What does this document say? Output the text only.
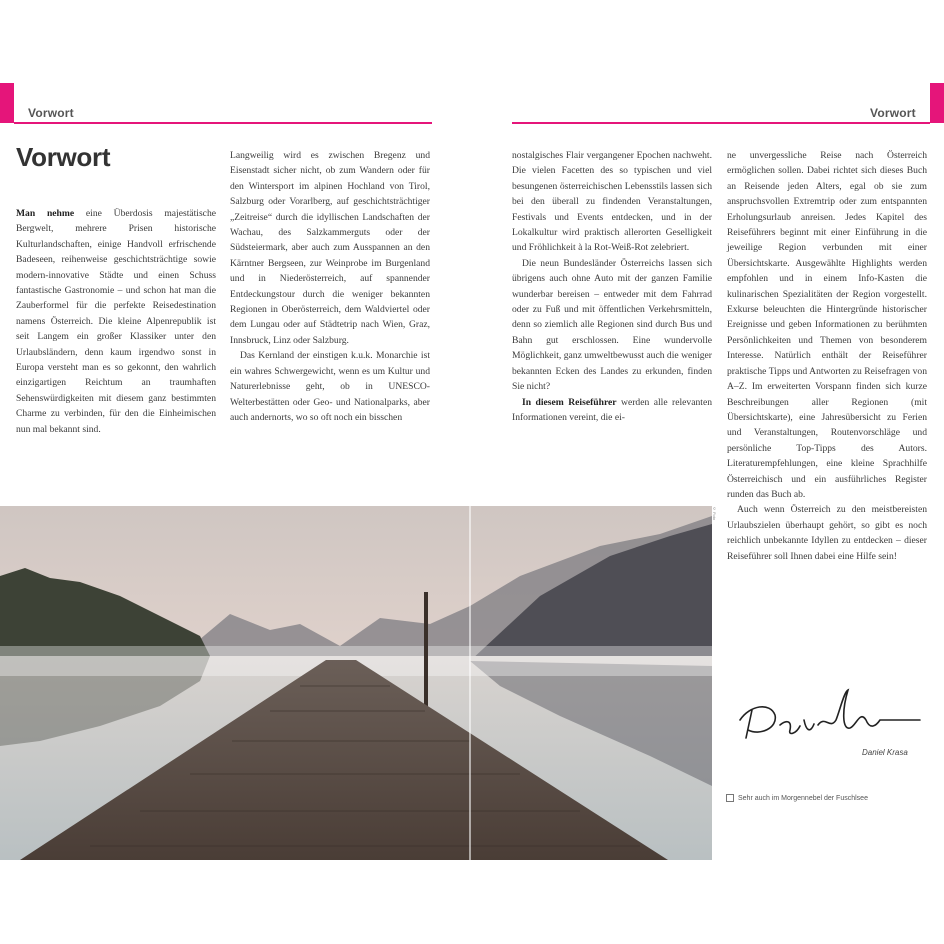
Vorwort	Vorwort
Vorwort

Man nehme eine Überdosis majestätische Bergwelt, mehrere Prisen historische Kulturlandschaften, einige Handvoll erfrischende Badeseen, reihenweise geschichtsträchtige sowie modern-innovative Städte und einen Schuss fantastische Gastronomie – und schon hat man die Zauberformel für die perfekte Reisedestination namens Österreich. Die kleine Alpenrepublik ist seit Langem ein großer Klassiker unter den Urlaubsländern, denn kaum irgendwo sonst in Europa versteht man es so gekonnt, den wahrlich einzigartigen Reichtum an traumhaften Sehenswürdigkeiten mit diesem ganz bestimmten Charme zu verbinden, für den die Einheimischen nun mal bekannt sind.

Langweilig wird es zwischen Bregenz und Eisenstadt sicher nicht, ob zum Wandern oder für den Wintersport im alpinen Hochland von Tirol, Salzburg oder Vorarlberg, auf geschichtsträchtiger „Zeitreise“ durch die idyllischen Landschaften der Wachau, des Salzkammerguts oder der Südsteiermark, aber auch zum Ausspannen an den Kärntner Bergseen, zur Weinprobe im Burgenland und in Niederösterreich, auf spannender Entdeckungstour durch die weniger bekannten Regionen in Oberösterreich, dem Waldviertel oder dem Lungau oder auf Städtetrip nach Wien, Graz, Innsbruck, Linz oder Salzburg.

Das Kernland der einstigen k.u.k. Monarchie ist ein wahres Schwergewicht, wenn es um Kultur und Naturerlebnisse geht, ob in UNESCO-Welterbestätten oder Geo- und Nationalparks, aber auch andernorts, wo so oft noch ein bisschen

nostalgisches Flair vergangener Epochen nachweht. Die vielen Facetten des so typischen und viel besungenen österreichischen Lebensstils lassen sich bei den überall zu findenden Veranstaltungen, Festivals und Events entdecken, und in der Lokalkultur wird praktisch allerorten Geselligkeit und Fröhlichkeit à la Rot-Weiß-Rot zelebriert.

Die neun Bundesländer Österreichs lassen sich übrigens auch ohne Auto mit der ganzen Familie wunderbar bereisen – entweder mit dem Fahrrad oder zu Fuß und mit öffentlichen Verkehrsmitteln, denn so ziemlich alle Regionen sind durch Bus und Bahn gut erschlossen. Eine wundervolle Möglichkeit, ganz umweltbewusst auch die weniger bekannten Ecken des Landes zu erkunden, finden Sie nicht?

In diesem Reiseführer werden alle relevanten Informationen vereint, die ei-

ne unvergessliche Reise nach Österreich ermöglichen sollen. Dabei richtet sich dieses Buch an Reisende jeden Alters, egal ob sie zum anspruchsvollen Extremtrip oder zum entspannten Erholungsurlaub anreisen. Jedes Kapitel des Reiseführers beginnt mit einer Einführung in die jeweilige Region verbunden mit einer Übersichtskarte. Ausgewählte Highlights werden empfohlen und in einem Info-Kasten die kulinarischen Spezialitäten der Region vorgestellt. Exkurse beleuchten die Hintergründe historischer Ereignisse und geben Informationen zu berühmten Persönlichkeiten und Themen von besonderem Interesse. Natürlich enthält der Reiseführer praktische Tipps und Antworten zu Reisefragen von A–Z. Im erweiterten Vorspann finden sich kurze Beschreibungen aller Regionen (mit Übersichtskarte), eine Jahresübersicht zu Ferien und Veranstaltungen, Routenvorschläge und persönliche Top-Tipps des Autors. Literaturempfehlungen, eine kleine Sprachhilfe Österreichisch und ein ausführliches Register runden das Buch ab.

Auch wenn Österreich zu den meistbereisten Urlaubszielen überhaupt gehört, so gibt es noch reichlich unbekannte Idyllen zu entdecken – dieser Reiseführer soll Ihnen dabei eine Hilfe sein!

© Foto
Daniel Krasa
Sehr auch im Morgennebel der Fuschlsee
